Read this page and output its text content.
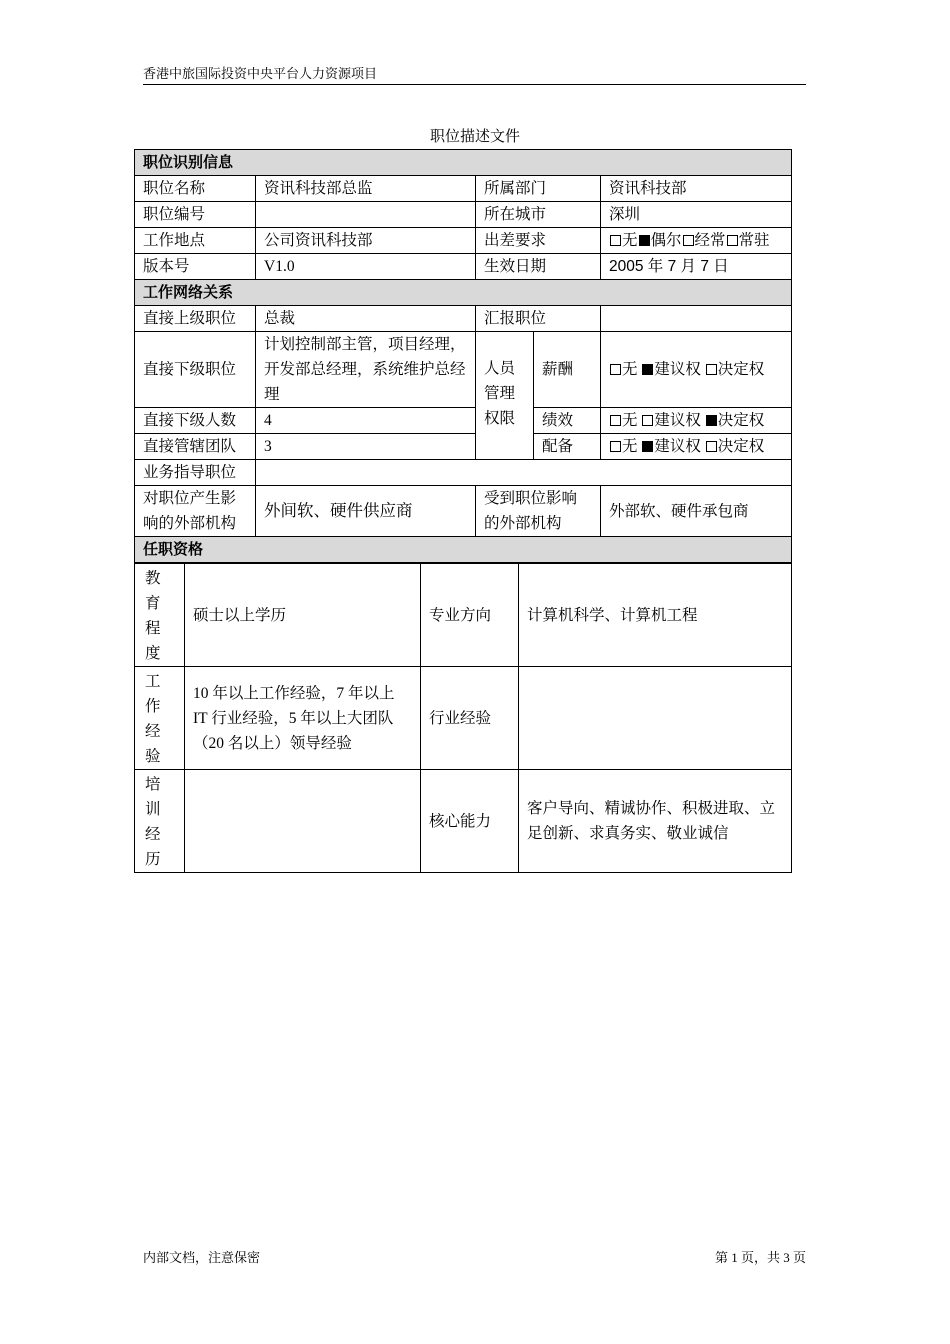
香港中旅国际投资中央平台人力资源项目
职位描述文件
职位识别信息				
职位名称	资讯科技部总监	所属部门		资讯科技部
职位编号		所在城市		深圳
工作地点	公司资讯科技部	出差要求		无 偶尔 经常 常驻
版本号	V1.0	生效日期		2005 年 7 月 7 日
工作网络关系				
直接上级职位	总裁	汇报职位		
直接下级职位	计划控制部主管，项目经理，开发部总经理，系统维护总经理	人员管理权限	薪酬	无 建议权 决定权
直接下级人数	4		绩效	无 建议权 决定权
直接管辖团队	3		配备	无 建议权 决定权
业务指导职位				
对职位产生影响的外部机构	外间软、硬件供应商	受到职位影响的外部机构		外部软、硬件承包商
任职资格				
教育程度	硕士以上学历	专业方向	计算机科学、计算机工程
工作经验	10 年以上工作经验，7 年以上 IT 行业经验，5 年以上大团队（20 名以上）领导经验	行业经验	
培训经历		核心能力	客户导向、精诚协作、积极进取、立足创新、求真务实、敬业诚信
内部文档，注意保密	第 1 页，共 3 页
